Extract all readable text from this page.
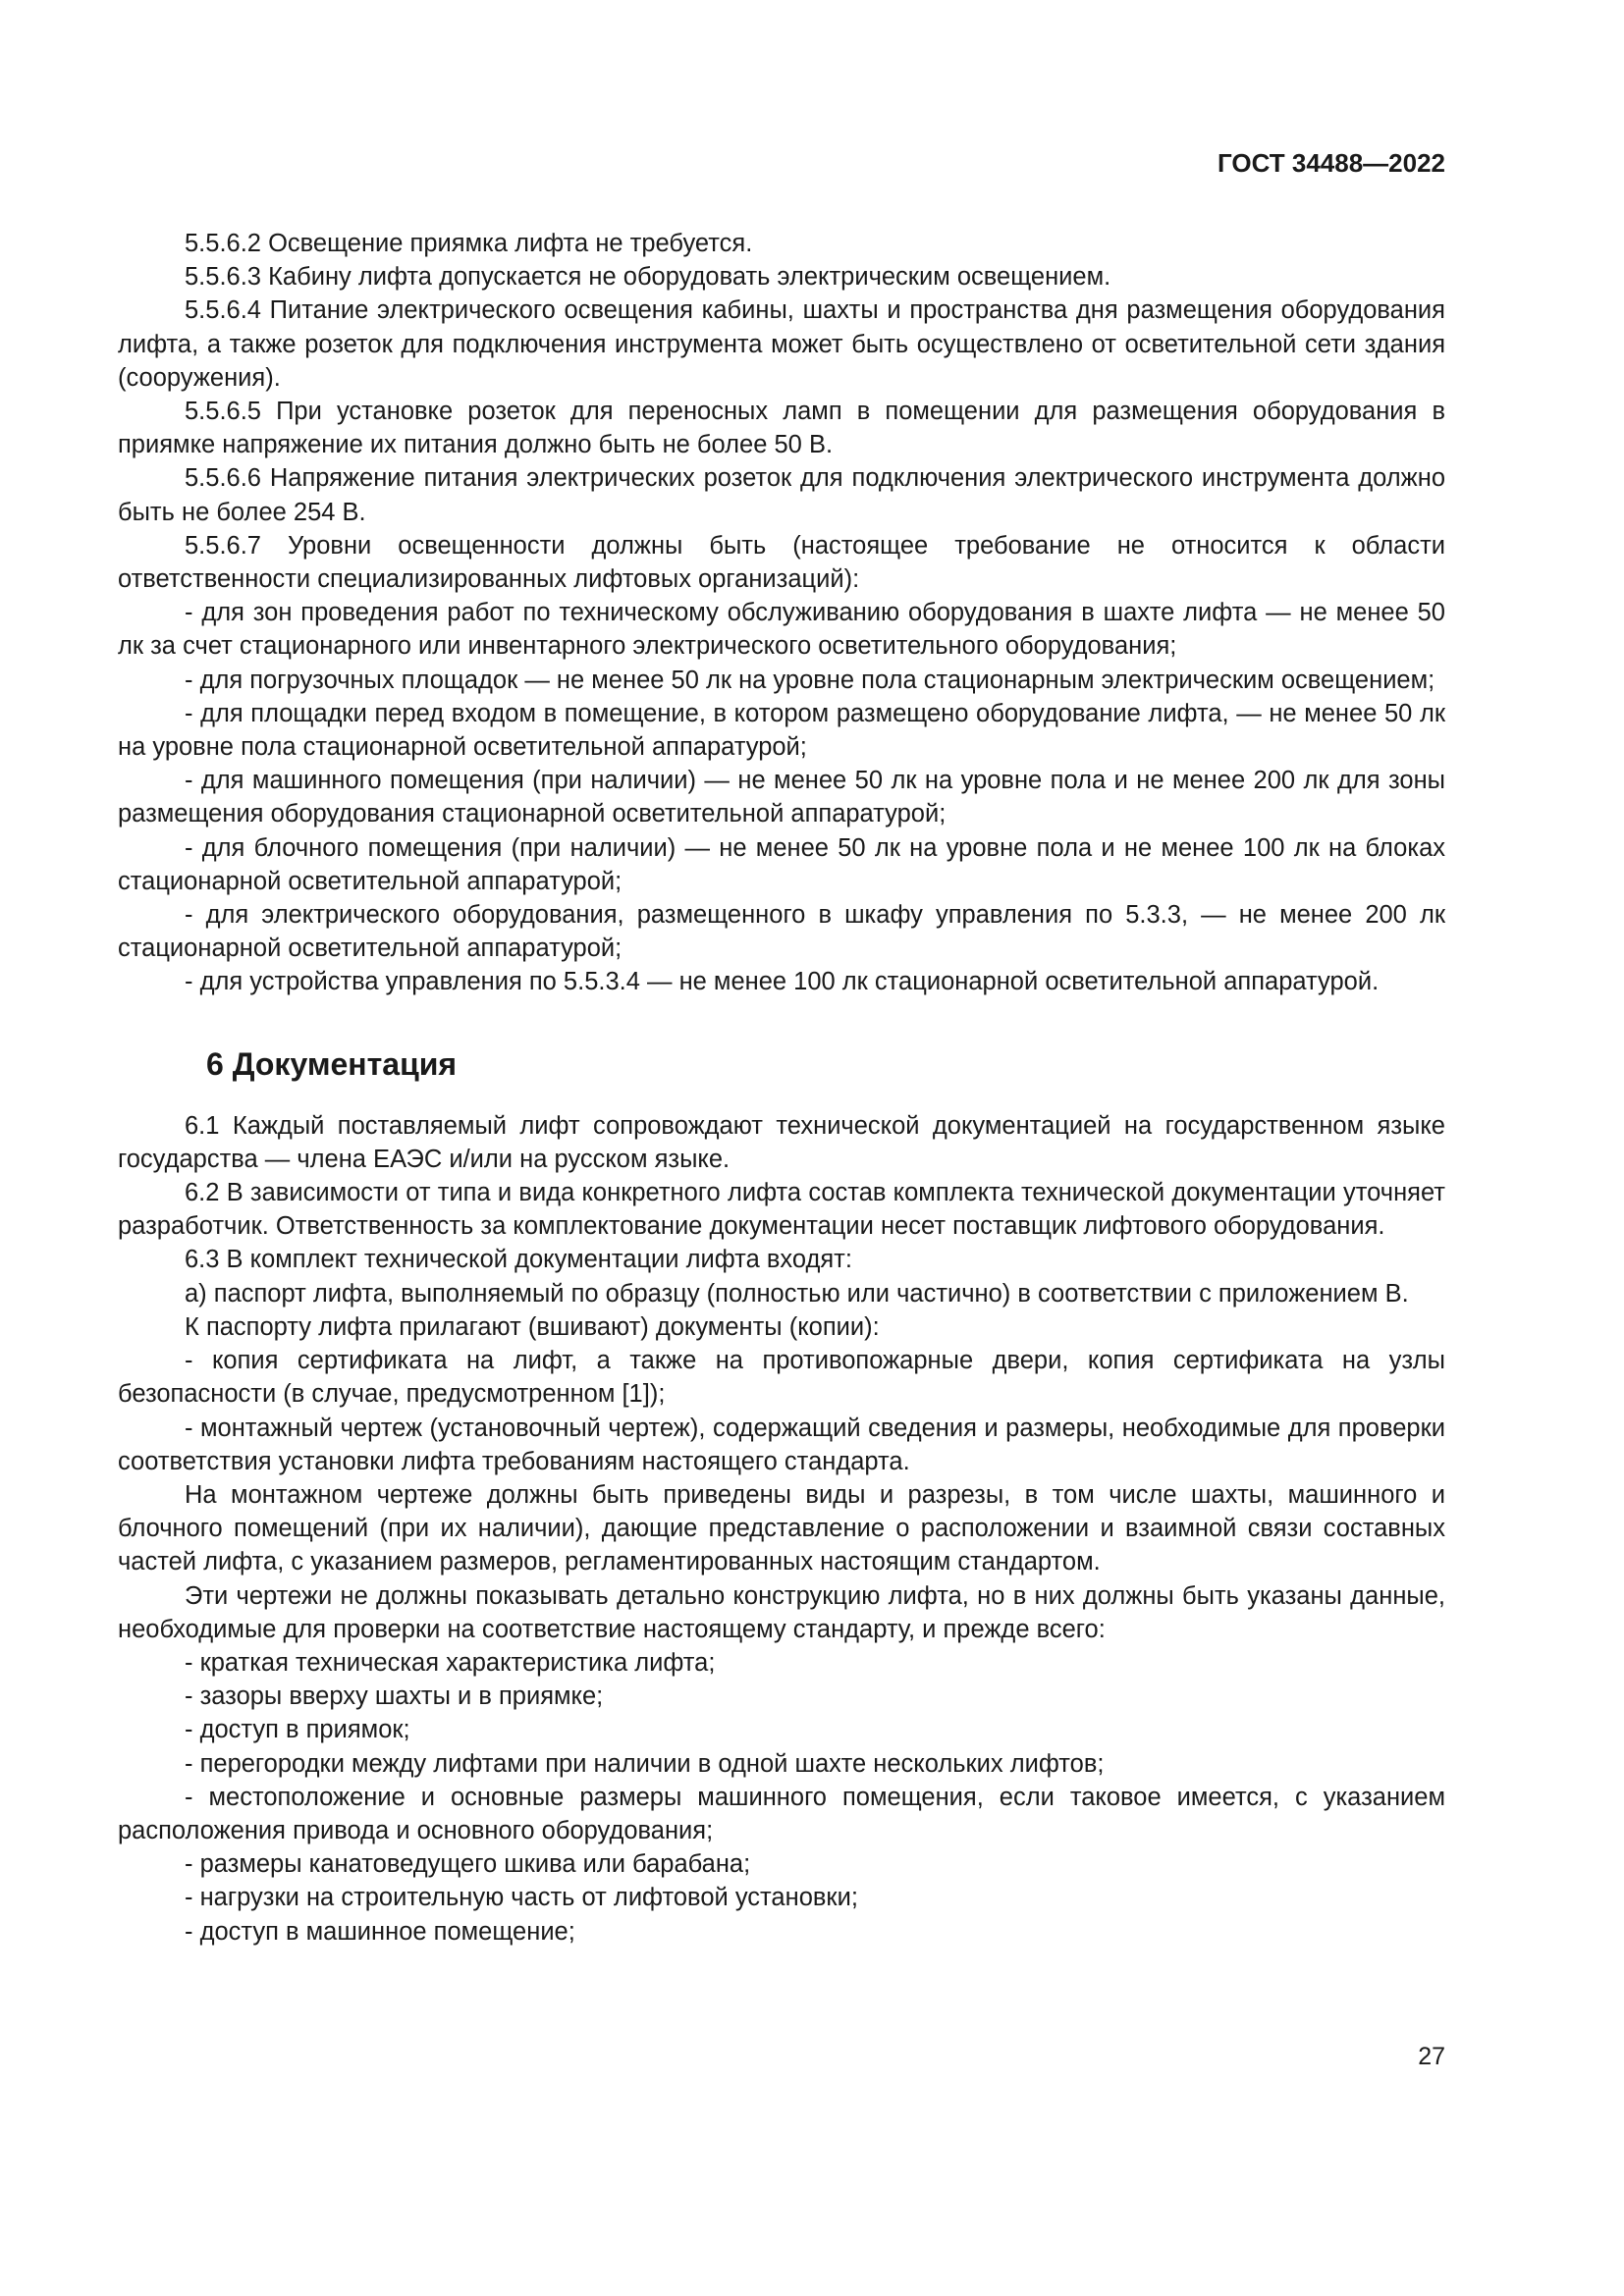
ГОСТ 34488—2022

5.5.6.2 Освещение приямка лифта не требуется.

5.5.6.3 Кабину лифта допускается не оборудовать электрическим освещением.

5.5.6.4 Питание электрического освещения кабины, шахты и пространства дня размещения оборудования лифта, а также розеток для подключения инструмента может быть осуществлено от осветительной сети здания (сооружения).

5.5.6.5 При установке розеток для переносных ламп в помещении для размещения оборудования в приямке напряжение их питания должно быть не более 50 В.

5.5.6.6 Напряжение питания электрических розеток для подключения электрического инструмента должно быть не более 254 В.

5.5.6.7 Уровни освещенности должны быть (настоящее требование не относится к области ответственности специализированных лифтовых организаций):

- для зон проведения работ по техническому обслуживанию оборудования в шахте лифта — не менее 50 лк за счет стационарного или инвентарного электрического осветительного оборудования;

- для погрузочных площадок — не менее 50 лк на уровне пола стационарным электрическим освещением;

- для площадки перед входом в помещение, в котором размещено оборудование лифта, — не менее 50 лк на уровне пола стационарной осветительной аппаратурой;

- для машинного помещения (при наличии) — не менее 50 лк на уровне пола и не менее 200 лк для зоны размещения оборудования стационарной осветительной аппаратурой;

- для блочного помещения (при наличии) — не менее 50 лк на уровне пола и не менее 100 лк на блоках стационарной осветительной аппаратурой;

- для электрического оборудования, размещенного в шкафу управления по 5.3.3, — не менее 200 лк стационарной осветительной аппаратурой;

- для устройства управления по 5.5.3.4 — не менее 100 лк стационарной осветительной аппаратурой.

6 Документация

6.1 Каждый поставляемый лифт сопровождают технической документацией на государственном языке государства — члена ЕАЭС и/или на русском языке.

6.2 В зависимости от типа и вида конкретного лифта состав комплекта технической документации уточняет разработчик. Ответственность за комплектование документации несет поставщик лифтового оборудования.

6.3 В комплект технической документации лифта входят:

а) паспорт лифта, выполняемый по образцу (полностью или частично) в соответствии с приложением В.

К паспорту лифта прилагают (вшивают) документы (копии):

- копия сертификата на лифт, а также на противопожарные двери, копия сертификата на узлы безопасности (в случае, предусмотренном [1]);

- монтажный чертеж (установочный чертеж), содержащий сведения и размеры, необходимые для проверки соответствия установки лифта требованиям настоящего стандарта.

На монтажном чертеже должны быть приведены виды и разрезы, в том числе шахты, машинного и блочного помещений (при их наличии), дающие представление о расположении и взаимной связи составных частей лифта, с указанием размеров, регламентированных настоящим стандартом.

Эти чертежи не должны показывать детально конструкцию лифта, но в них должны быть указаны данные, необходимые для проверки на соответствие настоящему стандарту, и прежде всего:

- краткая техническая характеристика лифта;

- зазоры вверху шахты и в приямке;

- доступ в приямок;

- перегородки между лифтами при наличии в одной шахте нескольких лифтов;

- местоположение и основные размеры машинного помещения, если таковое имеется, с указанием расположения привода и основного оборудования;

- размеры канатоведущего шкива или барабана;

- нагрузки на строительную часть от лифтовой установки;

- доступ в машинное помещение;

27
